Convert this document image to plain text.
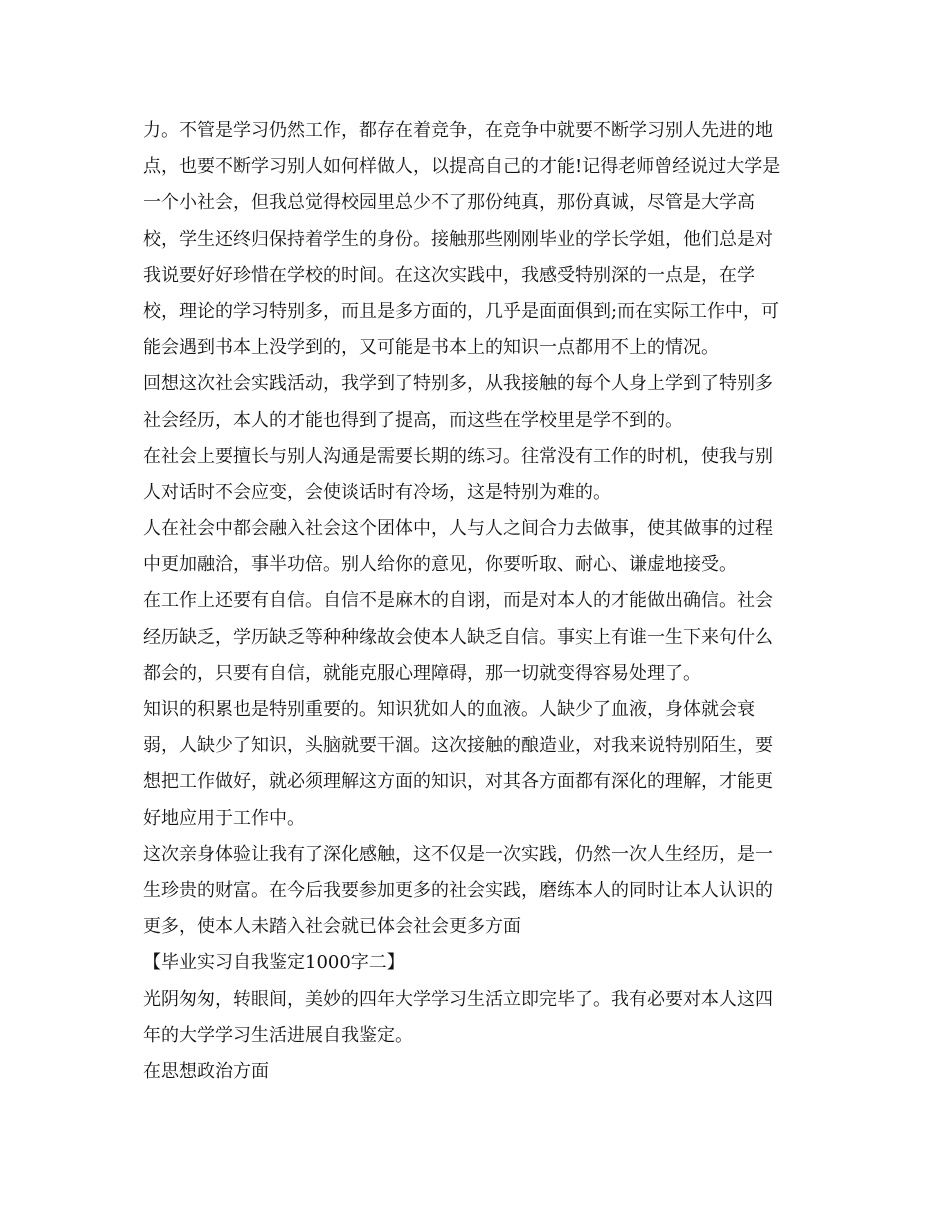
力。不管是学习仍然工作，都存在着竞争，在竞争中就要不断学习别人先进的地
点，也要不断学习别人如何样做人，以提高自己的才能!记得老师曾经说过大学是
一个小社会，但我总觉得校园里总少不了那份纯真，那份真诚，尽管是大学高
校，学生还终归保持着学生的身份。接触那些刚刚毕业的学长学姐，他们总是对
我说要好好珍惜在学校的时间。在这次实践中，我感受特别深的一点是，在学
校，理论的学习特别多，而且是多方面的，几乎是面面俱到;而在实际工作中，可
能会遇到书本上没学到的，又可能是书本上的知识一点都用不上的情况。
回想这次社会实践活动，我学到了特别多，从我接触的每个人身上学到了特别多
社会经历，本人的才能也得到了提高，而这些在学校里是学不到的。
在社会上要擅长与别人沟通是需要长期的练习。往常没有工作的时机，使我与别
人对话时不会应变，会使谈话时有冷场，这是特别为难的。
人在社会中都会融入社会这个团体中，人与人之间合力去做事，使其做事的过程
中更加融洽，事半功倍。别人给你的意见，你要听取、耐心、谦虚地接受。
在工作上还要有自信。自信不是麻木的自诩，而是对本人的才能做出确信。社会
经历缺乏，学历缺乏等种种缘故会使本人缺乏自信。事实上有谁一生下来句什么
都会的，只要有自信，就能克服心理障碍，那一切就变得容易处理了。
知识的积累也是特别重要的。知识犹如人的血液。人缺少了血液，身体就会衰
弱，人缺少了知识，头脑就要干涸。这次接触的酿造业，对我来说特别陌生，要
想把工作做好，就必须理解这方面的知识，对其各方面都有深化的理解，才能更
好地应用于工作中。
这次亲身体验让我有了深化感触，这不仅是一次实践，仍然一次人生经历，是一
生珍贵的财富。在今后我要参加更多的社会实践，磨练本人的同时让本人认识的
更多，使本人未踏入社会就已体会社会更多方面
【毕业实习自我鉴定1000字二】
光阴匆匆，转眼间，美妙的四年大学学习生活立即完毕了。我有必要对本人这四
年的大学学习生活进展自我鉴定。
在思想政治方面
